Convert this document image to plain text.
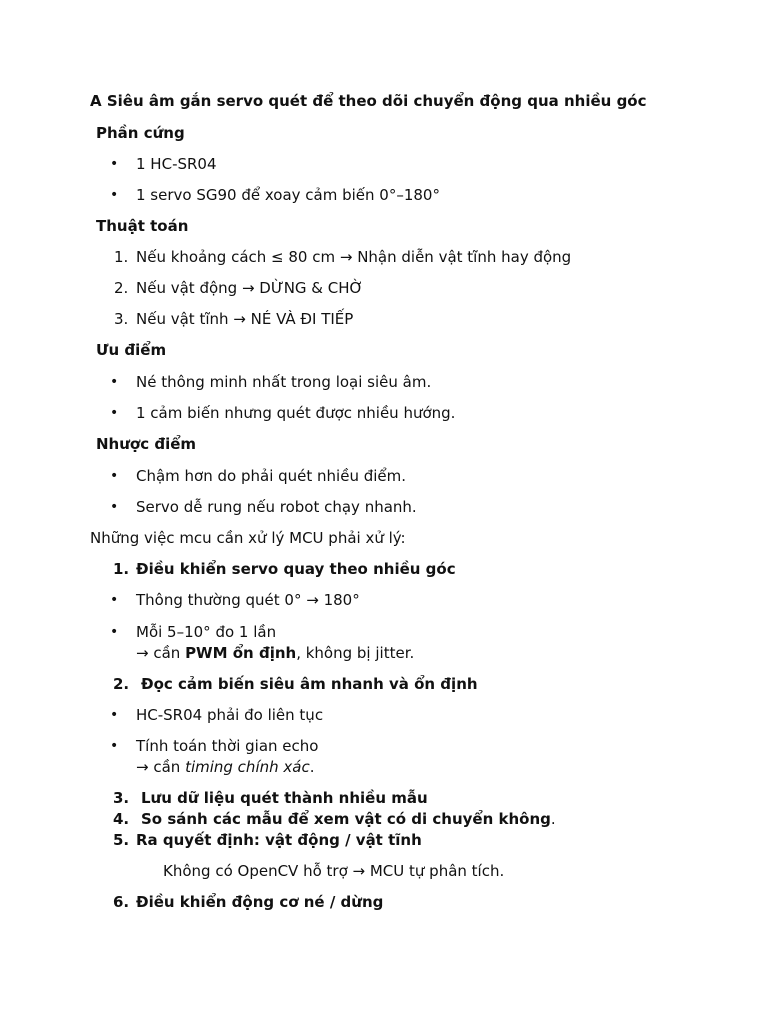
A Siêu âm gắn servo quét để theo dõi chuyển động qua nhiều góc
Phần cứng
• 1 HC-SR04
• 1 servo SG90 để xoay cảm biến 0°–180°
Thuật toán
1. Nếu khoảng cách ≤ 80 cm → Nhận diễn vật tĩnh hay động
2. Nếu vật động → DỪNG & CHỜ
3. Nếu vật tĩnh → NÉ VÀ ĐI TIẾP
Ưu điểm
• Né thông minh nhất trong loại siêu âm.
• 1 cảm biến nhưng quét được nhiều hướng.
Nhược điểm
• Chậm hơn do phải quét nhiều điểm.
• Servo dễ rung nếu robot chạy nhanh.
Những việc mcu cần xử lý MCU phải xử lý:
1. Điều khiển servo quay theo nhiều góc
• Thông thường quét 0° → 180°
• Mỗi 5–10° đo 1 lần
→ cần PWM ổn định, không bị jitter.
2. Đọc cảm biến siêu âm nhanh và ổn định
• HC-SR04 phải đo liên tục
• Tính toán thời gian echo
→ cần timing chính xác.
3. Lưu dữ liệu quét thành nhiều mẫu
4. So sánh các mẫu để xem vật có di chuyển không.
5. Ra quyết định: vật động / vật tĩnh
Không có OpenCV hỗ trợ → MCU tự phân tích.
6. Điều khiển động cơ né / dừng
